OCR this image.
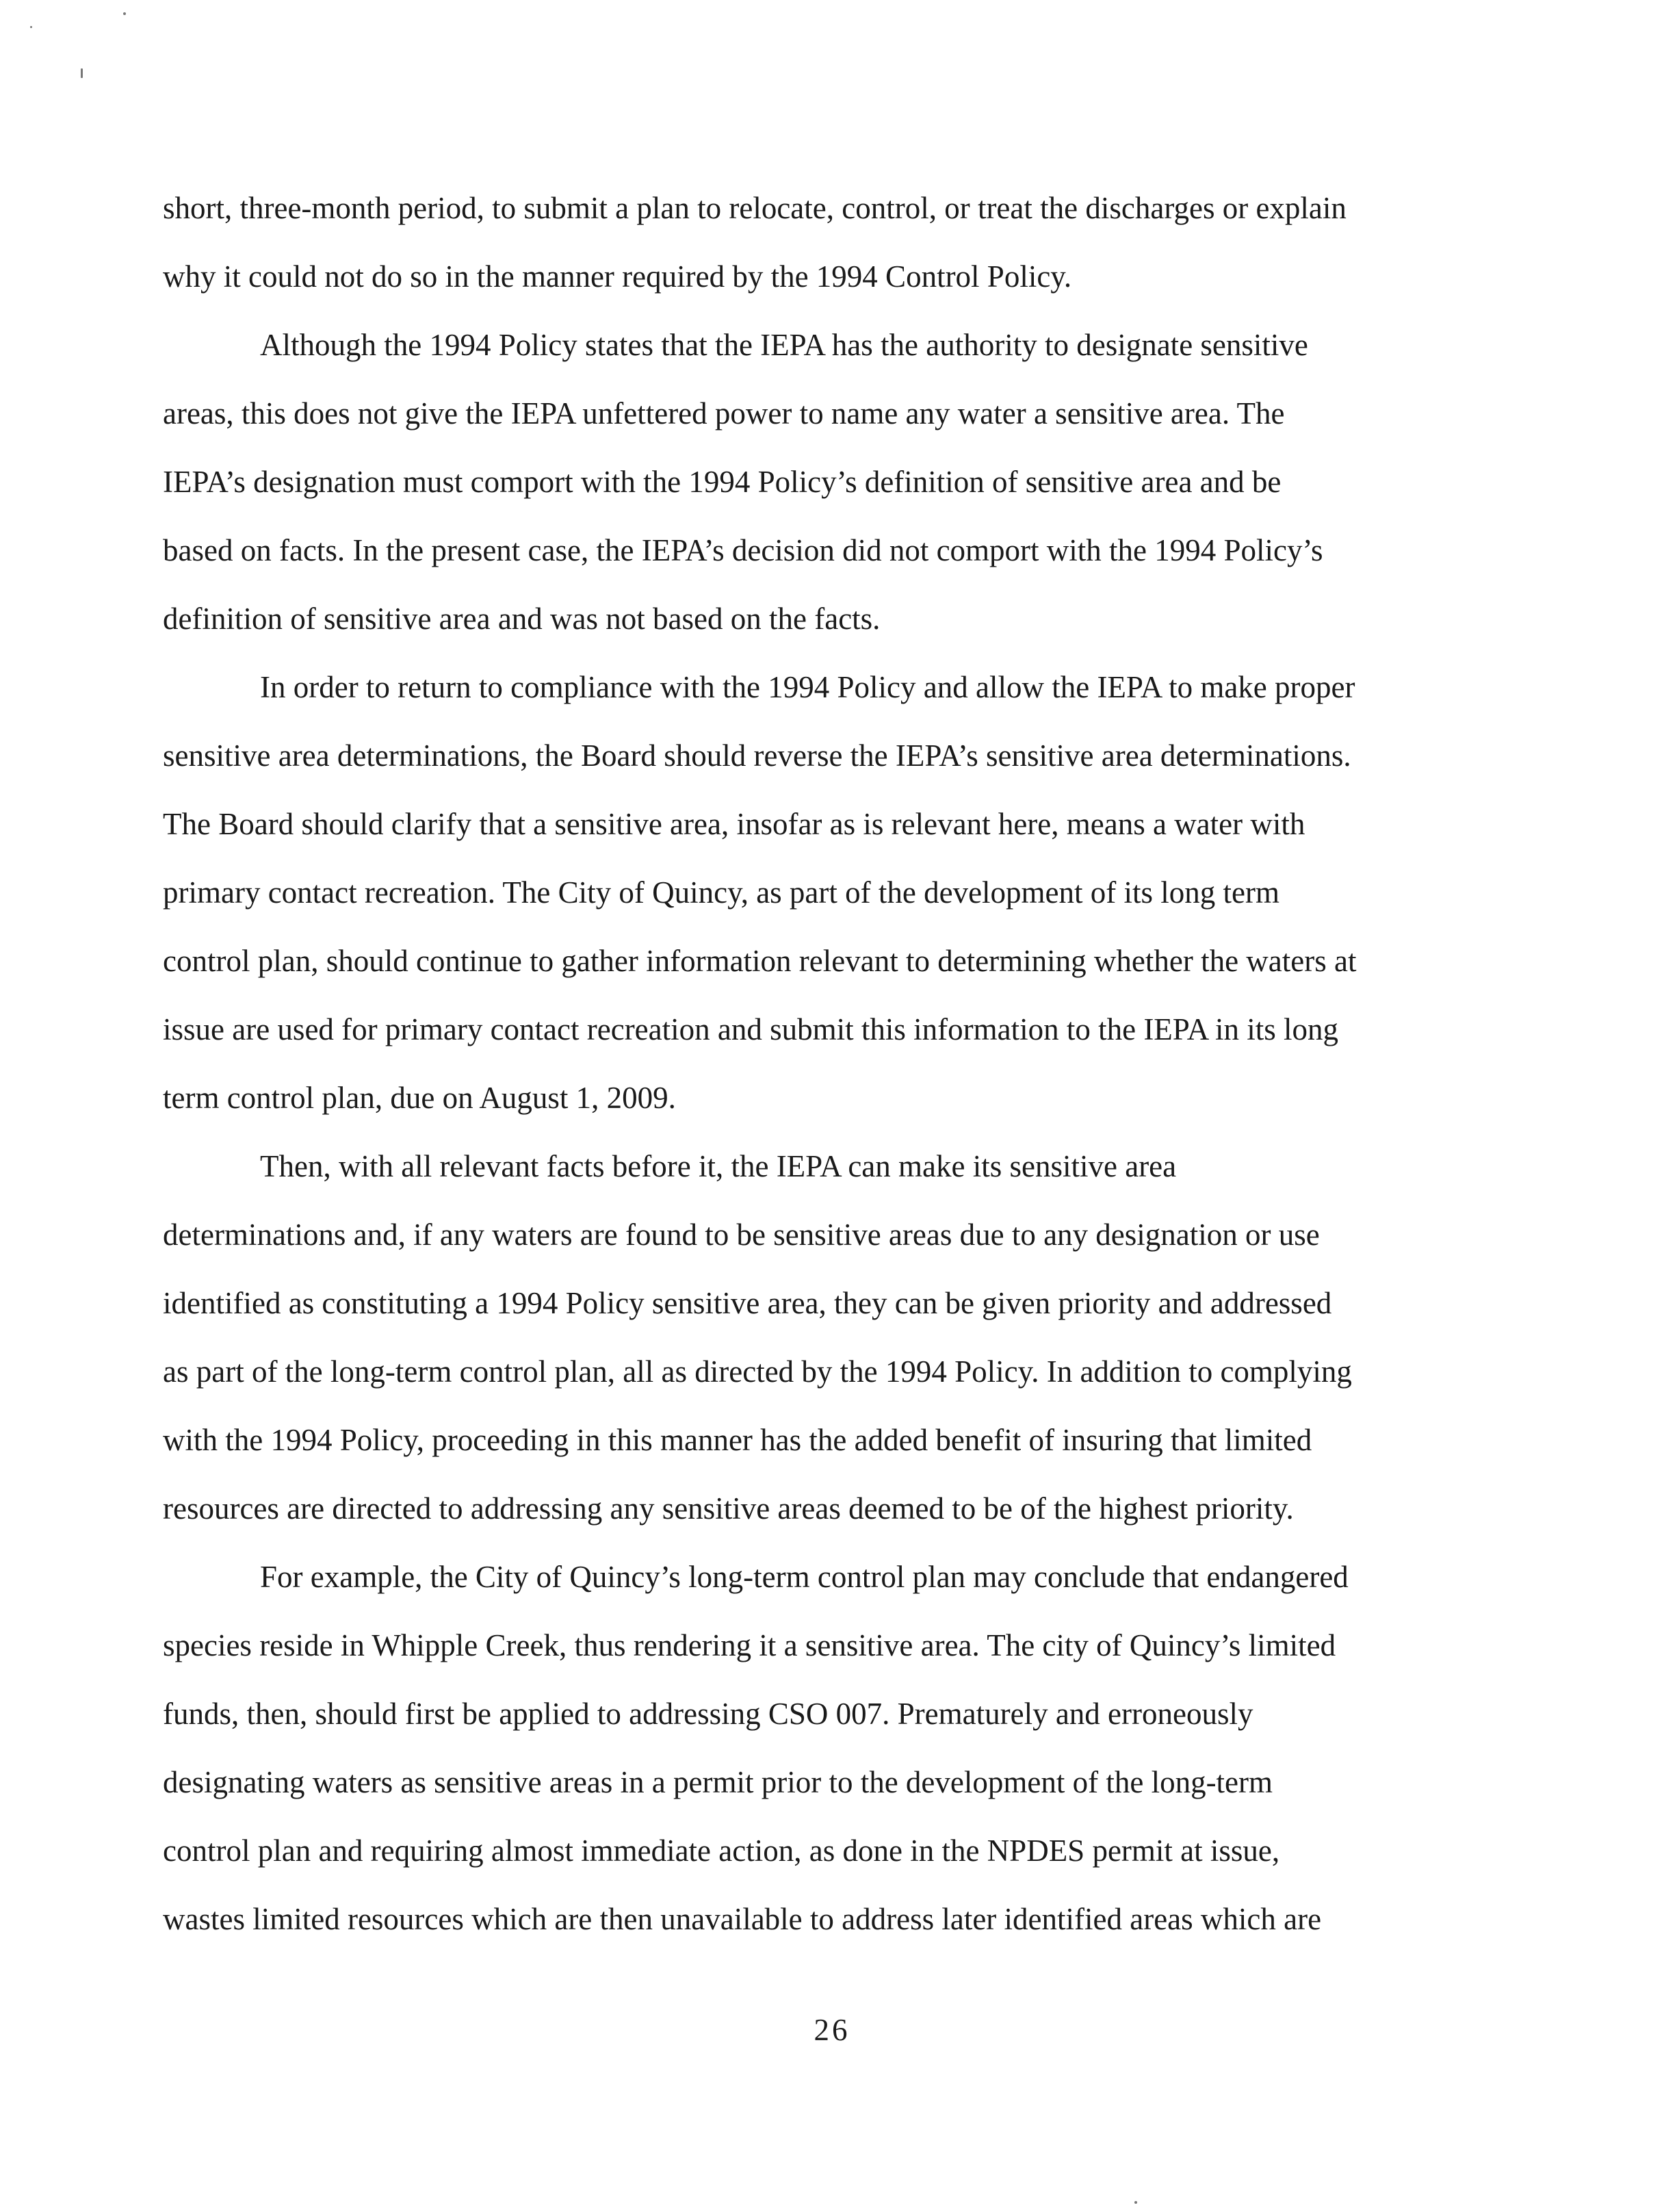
short, three-month period, to submit a plan to relocate, control, or treat the discharges or explain
why it could not do so in the manner required by the 1994 Control Policy.
Although the 1994 Policy states that the IEPA has the authority to designate sensitive
areas, this does not give the IEPA unfettered power to name any water a sensitive area. The
IEPA’s designation must comport with the 1994 Policy’s definition of sensitive area and be
based on facts. In the present case, the IEPA’s decision did not comport with the 1994 Policy’s
definition of sensitive area and was not based on the facts.
In order to return to compliance with the 1994 Policy and allow the IEPA to make proper
sensitive area determinations, the Board should reverse the IEPA’s sensitive area determinations.
The Board should clarify that a sensitive area, insofar as is relevant here, means a water with
primary contact recreation. The City of Quincy, as part of the development of its long term
control plan, should continue to gather information relevant to determining whether the waters at
issue are used for primary contact recreation and submit this information to the IEPA in its long
term control plan, due on August 1, 2009.
Then, with all relevant facts before it, the IEPA can make its sensitive area
determinations and, if any waters are found to be sensitive areas due to any designation or use
identified as constituting a 1994 Policy sensitive area, they can be given priority and addressed
as part of the long-term control plan, all as directed by the 1994 Policy. In addition to complying
with the 1994 Policy, proceeding in this manner has the added benefit of insuring that limited
resources are directed to addressing any sensitive areas deemed to be of the highest priority.
For example, the City of Quincy’s long-term control plan may conclude that endangered
species reside in Whipple Creek, thus rendering it a sensitive area. The city of Quincy’s limited
funds, then, should first be applied to addressing CSO 007. Prematurely and erroneously
designating waters as sensitive areas in a permit prior to the development of the long-term
control plan and requiring almost immediate action, as done in the NPDES permit at issue,
wastes limited resources which are then unavailable to address later identified areas which are
26
